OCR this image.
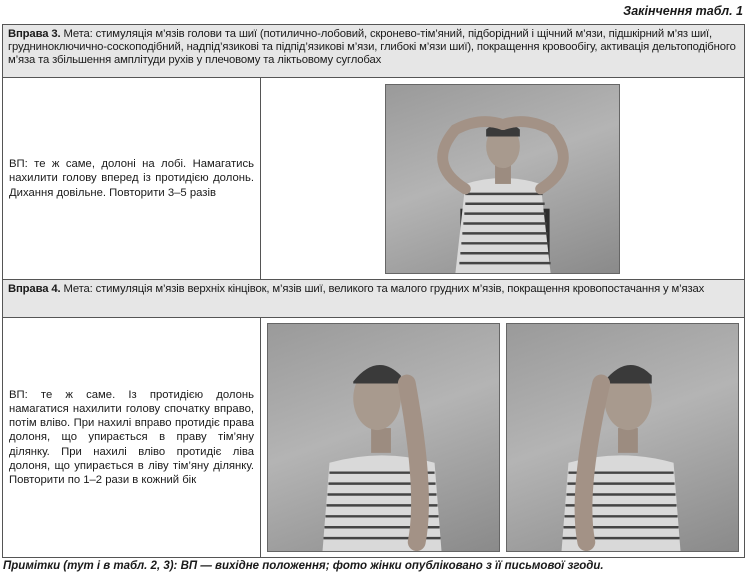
Закінчення табл. 1
Вправа 3. Мета: стимуляція м’язів голови та шиї (потилично-лобовий, скронево-тім’яний, підборідний і щічний м’язи, підшкірний м’яз шиї, грудниноключично-соскоподібний, надпід’язикові та підпід’язикові м’язи, глибокі м’язи шиї), покращення кровообігу, активація дельтоподібного м’яза та збільшення амплітуди рухів у плечовому та ліктьовому суглобах

ВП: те ж саме, долоні на лобі. Намагатись нахилити голову вперед із протидією долонь. Дихання довільне. Повторити 3–5 разів

Вправа 4. Мета: стимуляція м’язів верхніх кінцівок, м’язів шиї, великого та малого грудних м’язів, покращення кровопостачання у м’язах

ВП: те ж саме. Із протидією долонь намагатися нахилити голову спочатку вправо, потім вліво. При нахилі вправо протидіє права долоня, що упирається в праву тім’яну ділянку. При нахилі вліво протидіє ліва долоня, що упирається в ліву тім’яну ділянку. Повторити по 1–2 рази в кожний бік

Примітки (тут і в табл. 2, 3): ВП — вихідне положення; фото жінки опубліковано з її письмової згоди.
